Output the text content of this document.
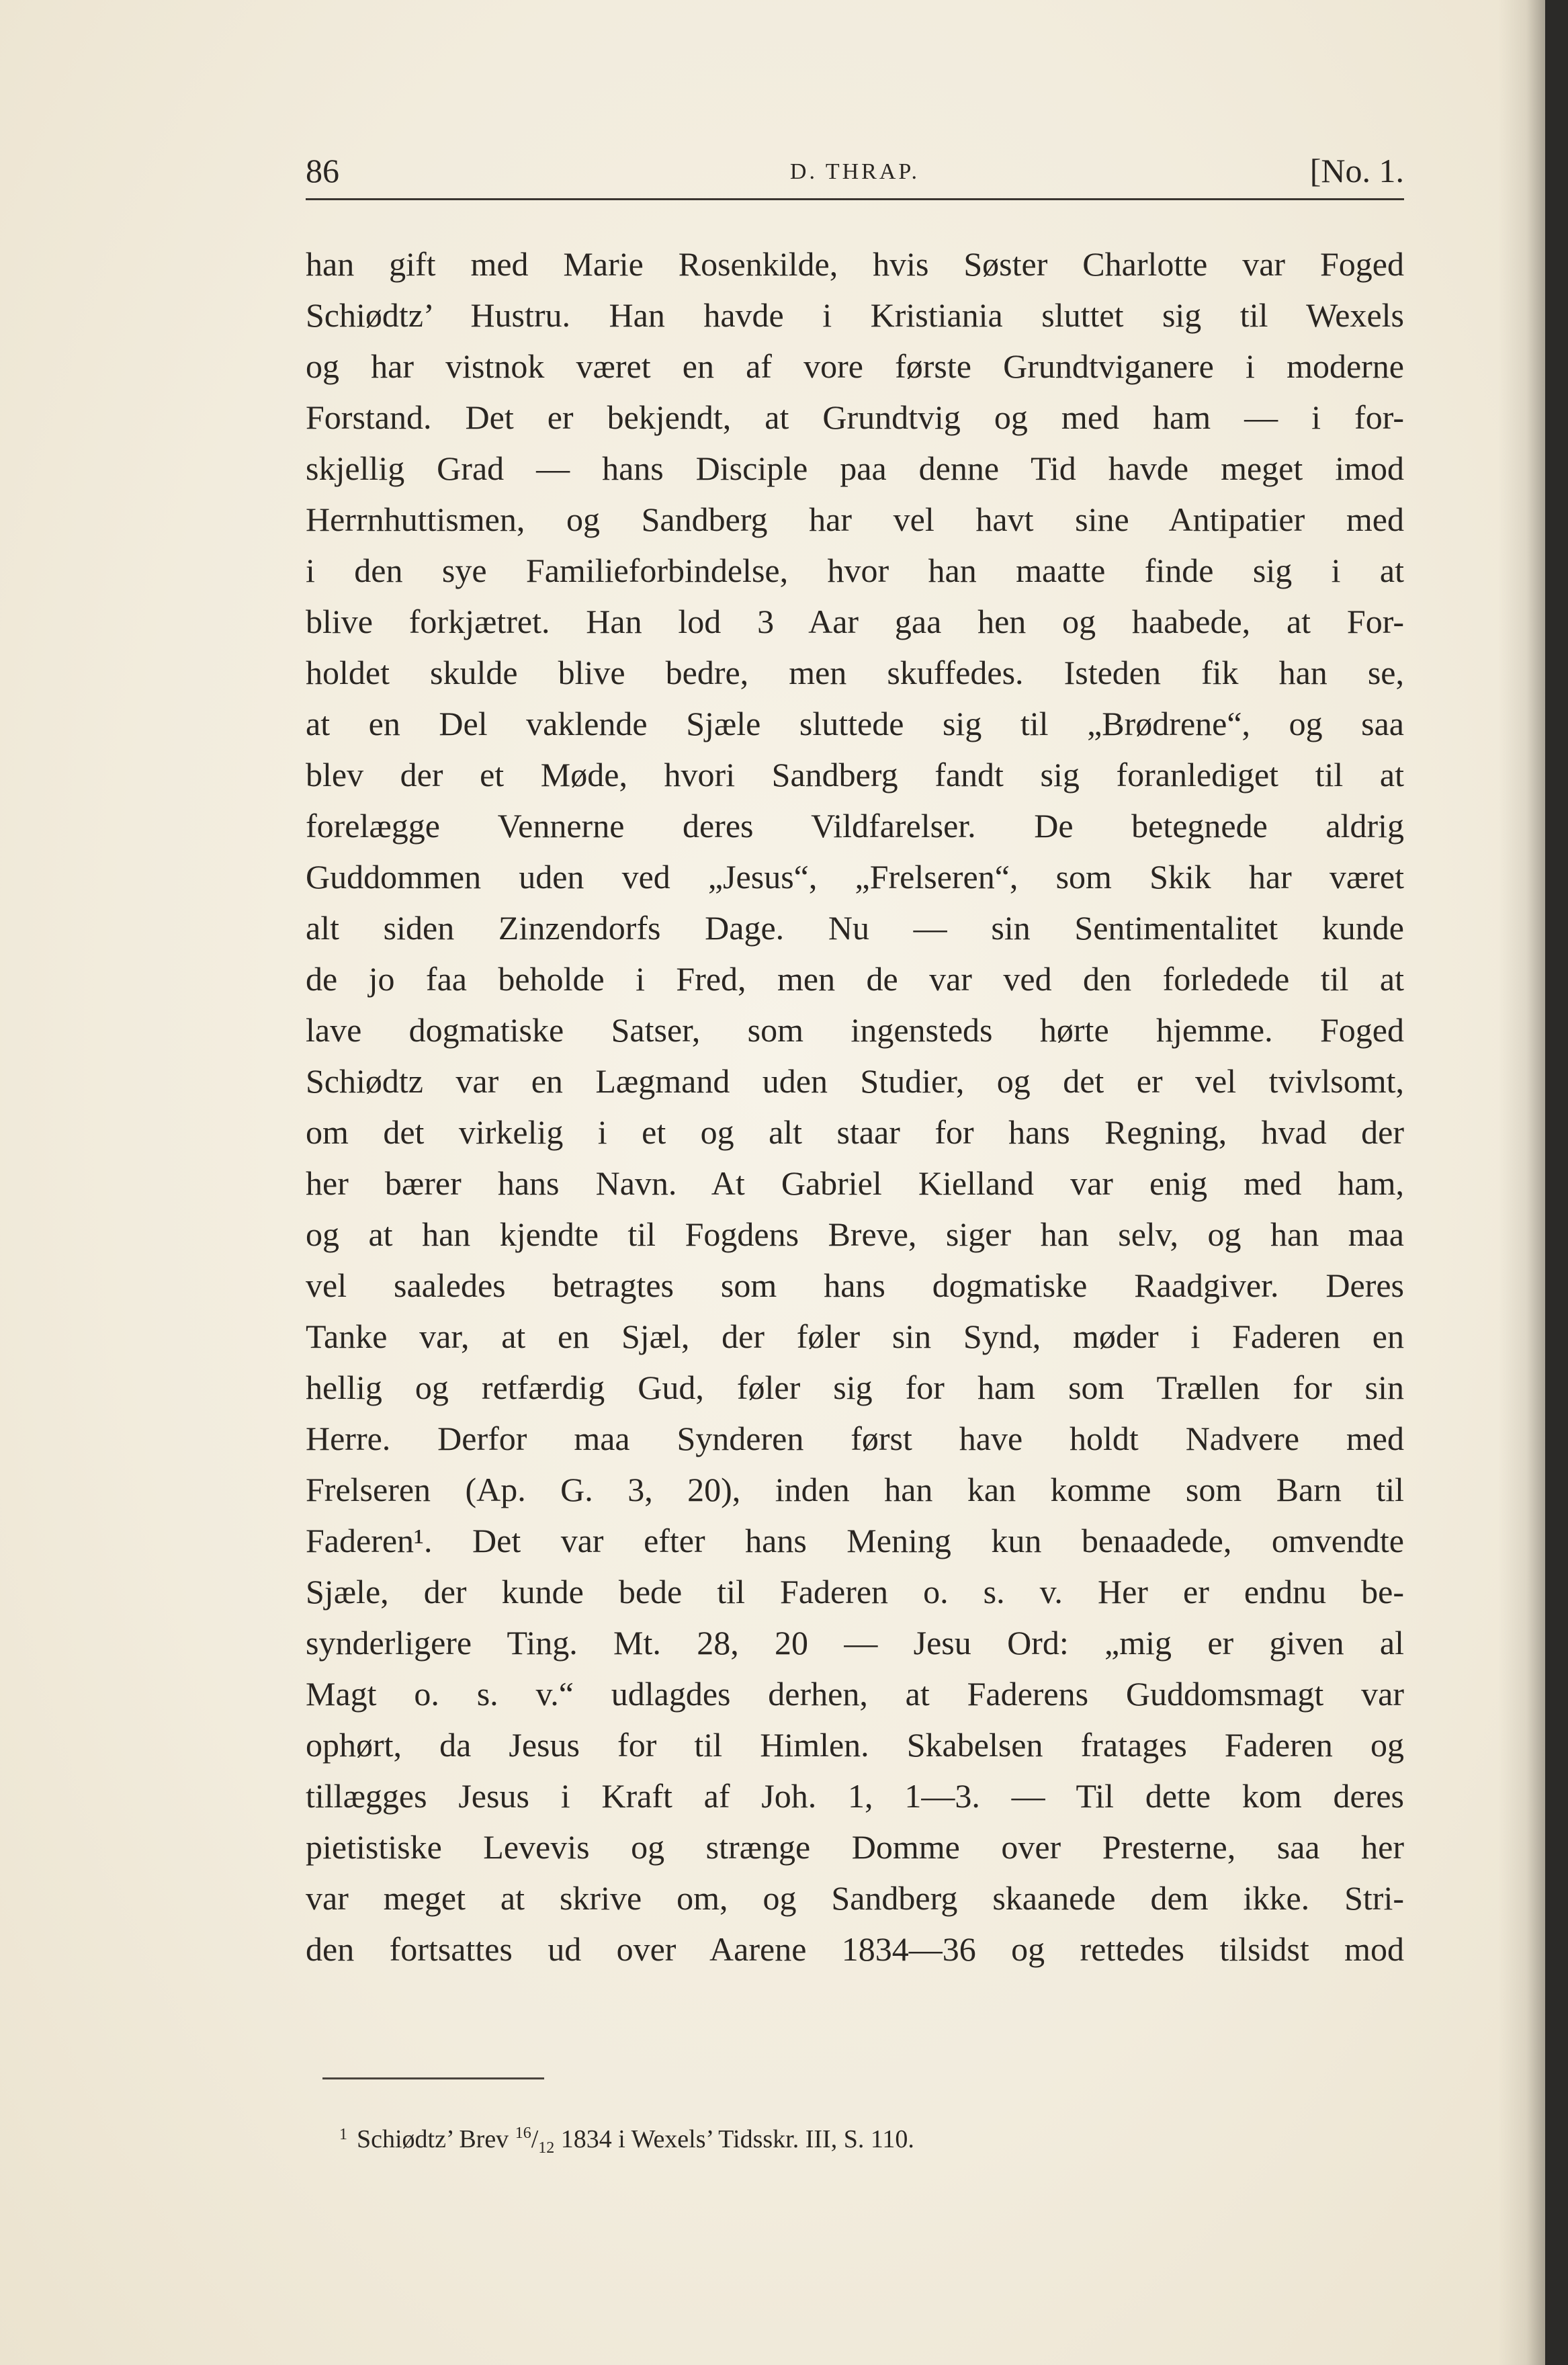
86	D. THRAP.	[No. 1.
han gift med Marie Rosenkilde, hvis Søster Charlotte var Foged
Schiødtz’ Hustru. Han havde i Kristiania sluttet sig til Wexels
og har vistnok været en af vore første Grundtviganere i moderne
Forstand. Det er bekjendt, at Grundtvig og med ham — i for-
skjellig Grad — hans Disciple paa denne Tid havde meget imod
Herrnhuttismen, og Sandberg har vel havt sine Antipatier med
i den sye Familieforbindelse, hvor han maatte finde sig i at
blive forkjætret. Han lod 3 Aar gaa hen og haabede, at For-
holdet skulde blive bedre, men skuffedes. Isteden fik han se,
at en Del vaklende Sjæle sluttede sig til „Brødrene“, og saa
blev der et Møde, hvori Sandberg fandt sig foranlediget til at
forelægge Vennerne deres Vildfarelser. De betegnede aldrig
Guddommen uden ved „Jesus“, „Frelseren“, som Skik har været
alt siden Zinzendorfs Dage. Nu — sin Sentimentalitet kunde
de jo faa beholde i Fred, men de var ved den forledede til at
lave dogmatiske Satser, som ingensteds hørte hjemme. Foged
Schiødtz var en Lægmand uden Studier, og det er vel tvivlsomt,
om det virkelig i et og alt staar for hans Regning, hvad der
her bærer hans Navn. At Gabriel Kielland var enig med ham,
og at han kjendte til Fogdens Breve, siger han selv, og han maa
vel saaledes betragtes som hans dogmatiske Raadgiver. Deres
Tanke var, at en Sjæl, der føler sin Synd, møder i Faderen en
hellig og retfærdig Gud, føler sig for ham som Trællen for sin
Herre. Derfor maa Synderen først have holdt Nadvere med
Frelseren (Ap. G. 3, 20), inden han kan komme som Barn til
Faderen¹. Det var efter hans Mening kun benaadede, omvendte
Sjæle, der kunde bede til Faderen o. s. v. Her er endnu be-
synderligere Ting. Mt. 28, 20 — Jesu Ord: „mig er given al
Magt o. s. v.“ udlagdes derhen, at Faderens Guddomsmagt var
ophørt, da Jesus for til Himlen. Skabelsen fratages Faderen og
tillægges Jesus i Kraft af Joh. 1, 1—3. — Til dette kom deres
pietistiske Levevis og strænge Domme over Presterne, saa her
var meget at skrive om, og Sandberg skaanede dem ikke. Stri-
den fortsattes ud over Aarene 1834—36 og rettedes tilsidst mod
$^1$ Schiødtz’ Brev $^{16}/_{12}$ 1834 i Wexels’ Tidsskr. III, S. 110.
